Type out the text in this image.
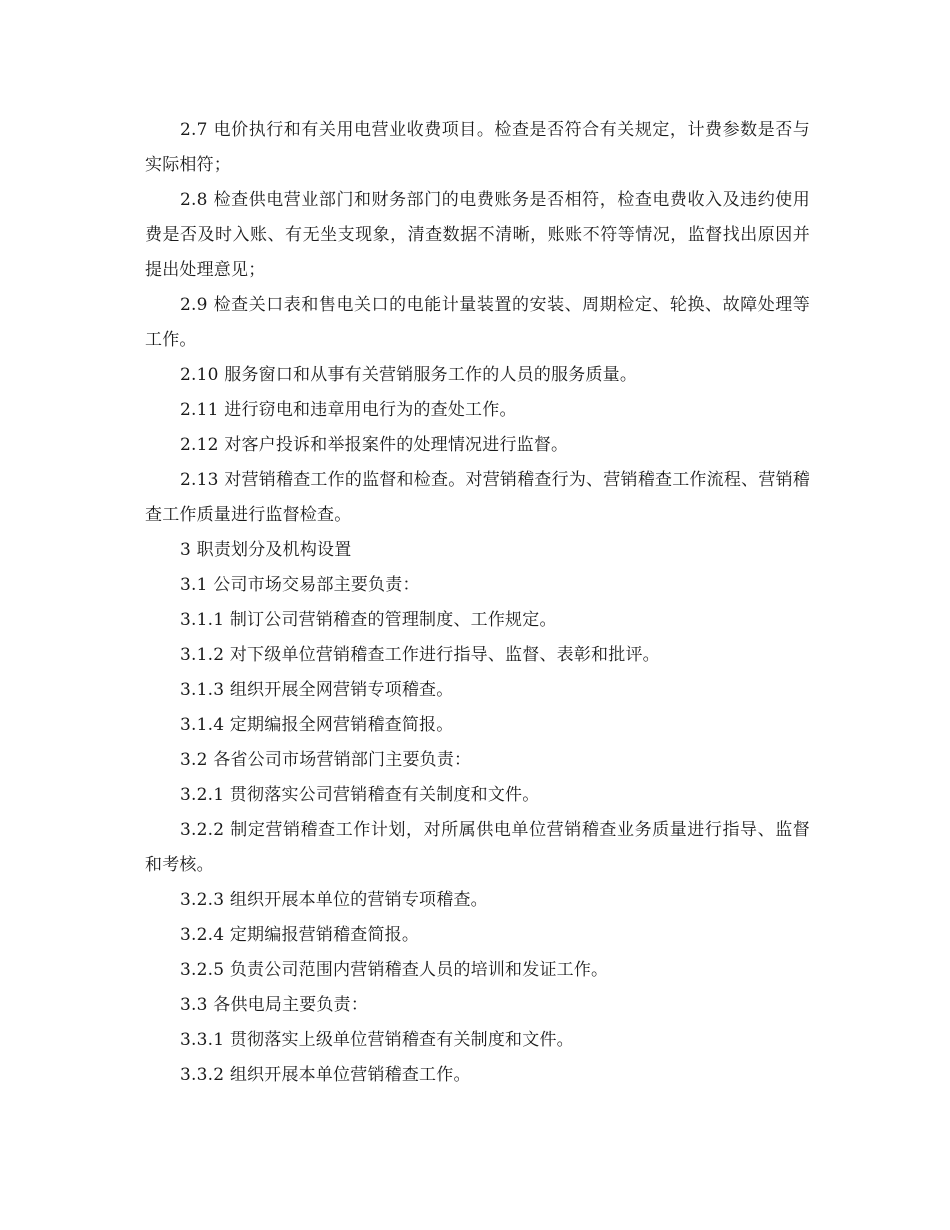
2.7 电价执行和有关用电营业收费项目。检查是否符合有关规定，计费参数是否与实际相符；

2.8 检查供电营业部门和财务部门的电费账务是否相符，检查电费收入及违约使用费是否及时入账、有无坐支现象，清查数据不清晰，账账不符等情况，监督找出原因并提出处理意见；

2.9 检查关口表和售电关口的电能计量装置的安装、周期检定、轮换、故障处理等工作。

2.10 服务窗口和从事有关营销服务工作的人员的服务质量。

2.11 进行窃电和违章用电行为的查处工作。

2.12 对客户投诉和举报案件的处理情况进行监督。

2.13 对营销稽查工作的监督和检查。对营销稽查行为、营销稽查工作流程、营销稽查工作质量进行监督检查。

3 职责划分及机构设置

3.1 公司市场交易部主要负责：

3.1.1 制订公司营销稽查的管理制度、工作规定。

3.1.2 对下级单位营销稽查工作进行指导、监督、表彰和批评。

3.1.3 组织开展全网营销专项稽查。

3.1.4 定期编报全网营销稽查简报。

3.2 各省公司市场营销部门主要负责：

3.2.1 贯彻落实公司营销稽查有关制度和文件。

3.2.2 制定营销稽查工作计划，对所属供电单位营销稽查业务质量进行指导、监督和考核。

3.2.3 组织开展本单位的营销专项稽查。

3.2.4 定期编报营销稽查简报。

3.2.5 负责公司范围内营销稽查人员的培训和发证工作。

3.3 各供电局主要负责：

3.3.1 贯彻落实上级单位营销稽查有关制度和文件。

3.3.2 组织开展本单位营销稽查工作。
